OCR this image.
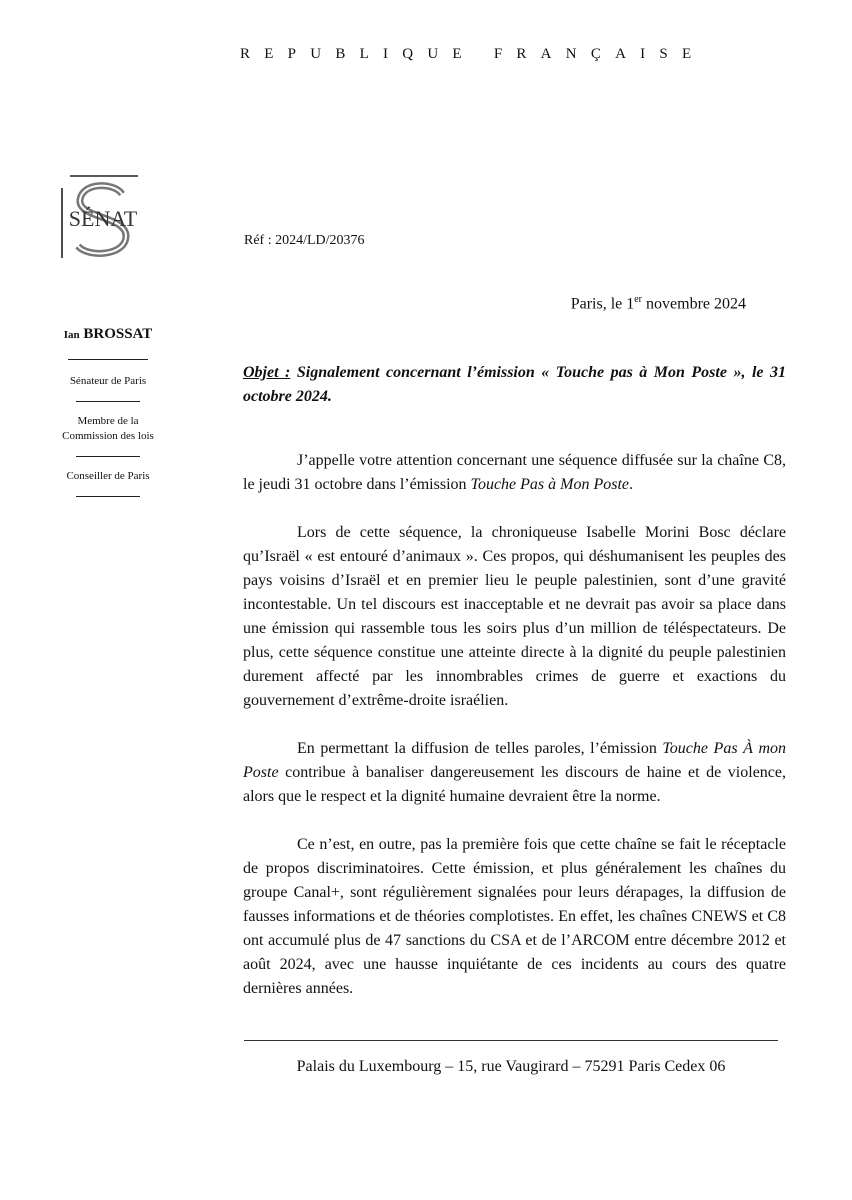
REPUBLIQUE FRANÇAISE
SÉNAT
Réf : 2024/LD/20376
Paris, le 1er novembre 2024
Ian BROSSAT

Sénateur de Paris

Membre de la Commission des lois

Conseiller de Paris

Objet : Signalement concernant l’émission « Touche pas à Mon Poste », le 31 octobre 2024.

J’appelle votre attention concernant une séquence diffusée sur la chaîne C8, le jeudi 31 octobre dans l’émission Touche Pas à Mon Poste.

Lors de cette séquence, la chroniqueuse Isabelle Morini Bosc déclare qu’Israël « est entouré d’animaux ». Ces propos, qui déshumanisent les peuples des pays voisins d’Israël et en premier lieu le peuple palestinien, sont d’une gravité incontestable. Un tel discours est inacceptable et ne devrait pas avoir sa place dans une émission qui rassemble tous les soirs plus d’un million de téléspectateurs. De plus, cette séquence constitue une atteinte directe à la dignité du peuple palestinien durement affecté par les innombrables crimes de guerre et exactions du gouvernement d’extrême-droite israélien.

En permettant la diffusion de telles paroles, l’émission Touche Pas À mon Poste contribue à banaliser dangereusement les discours de haine et de violence, alors que le respect et la dignité humaine devraient être la norme.

Ce n’est, en outre, pas la première fois que cette chaîne se fait le réceptacle de propos discriminatoires. Cette émission, et plus généralement les chaînes du groupe Canal+, sont régulièrement signalées pour leurs dérapages, la diffusion de fausses informations et de théories complotistes. En effet, les chaînes CNEWS et C8 ont accumulé plus de 47 sanctions du CSA et de l’ARCOM entre décembre 2012 et août 2024, avec une hausse inquiétante de ces incidents au cours des quatre dernières années.

Palais du Luxembourg – 15, rue Vaugirard – 75291 Paris Cedex 06
